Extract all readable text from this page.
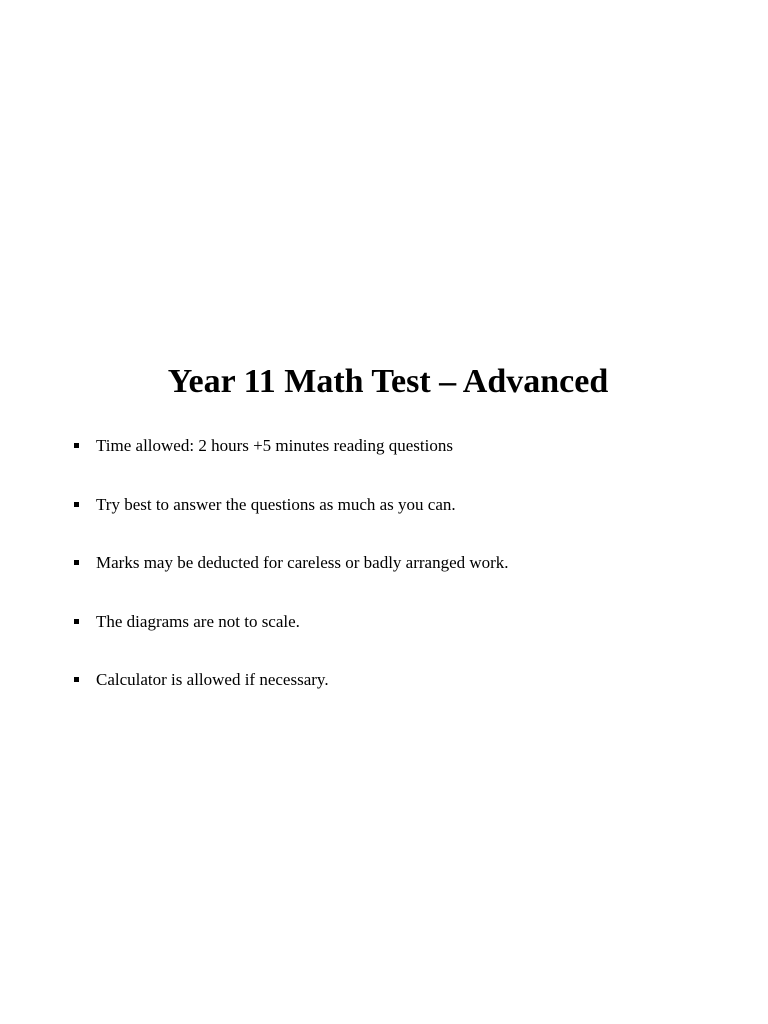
Year 11 Math Test – Advanced
Time allowed: 2 hours +5 minutes reading questions
Try best to answer the questions as much as you can.
Marks may be deducted for careless or badly arranged work.
The diagrams are not to scale.
Calculator is allowed if necessary.
